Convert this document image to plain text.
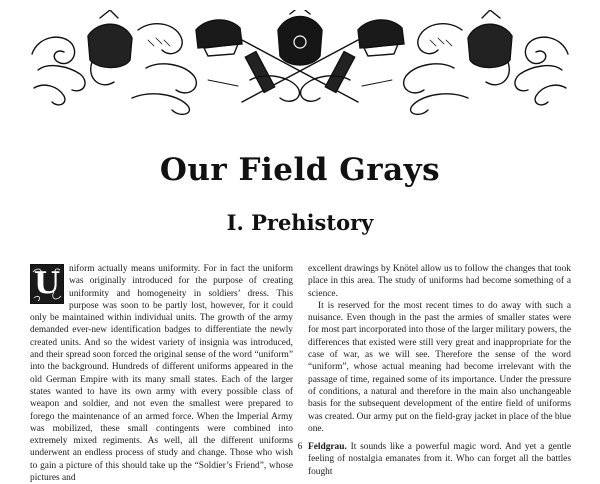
Our Field Grays
I. Prehistory
U niform actually means uniformity. For in fact the uniform was originally introduced for the purpose of creating uniformity and homogeneity in soldiers’ dress. This purpose was soon to be partly lost, however, for it could only be maintained within individual units. The growth of the army demanded ever-new identification badges to differentiate the newly created units. And so the widest variety of insignia was introduced, and their spread soon forced the original sense of the word “uniform” into the background. Hundreds of different uniforms appeared in the old German Empire with its many small states. Each of the larger states wanted to have its own army with every possible class of weapon and soldier, and not even the smallest were prepared to forego the maintenance of an armed force. When the Imperial Army was mobilized, these small contingents were combined into extremely mixed regiments. As well, all the different uniforms underwent an endless process of study and change. Those who wish to gain a picture of this should take up the “Soldier’s Friend”, whose pictures and

excellent drawings by Knötel allow us to follow the changes that took place in this area. The study of uniforms had become something of a science.

It is reserved for the most recent times to do away with such a nuisance. Even though in the past the armies of smaller states were for most part incorporated into those of the larger military powers, the differences that existed were still very great and inappropriate for the case of war, as we will see. Therefore the sense of the word “uniform”, whose actual meaning had become irrelevant with the passage of time, regained some of its importance. Under the pressure of conditions, a natural and therefore in the main also unchangeable basis for the subsequent development of the entire field of uniforms was created. Our army put on the field-gray jacket in place of the blue one.

Feldgrau. It sounds like a powerful magic word. And yet a gentle feeling of nostalgia emanates from it. Who can forget all the battles fought

6
